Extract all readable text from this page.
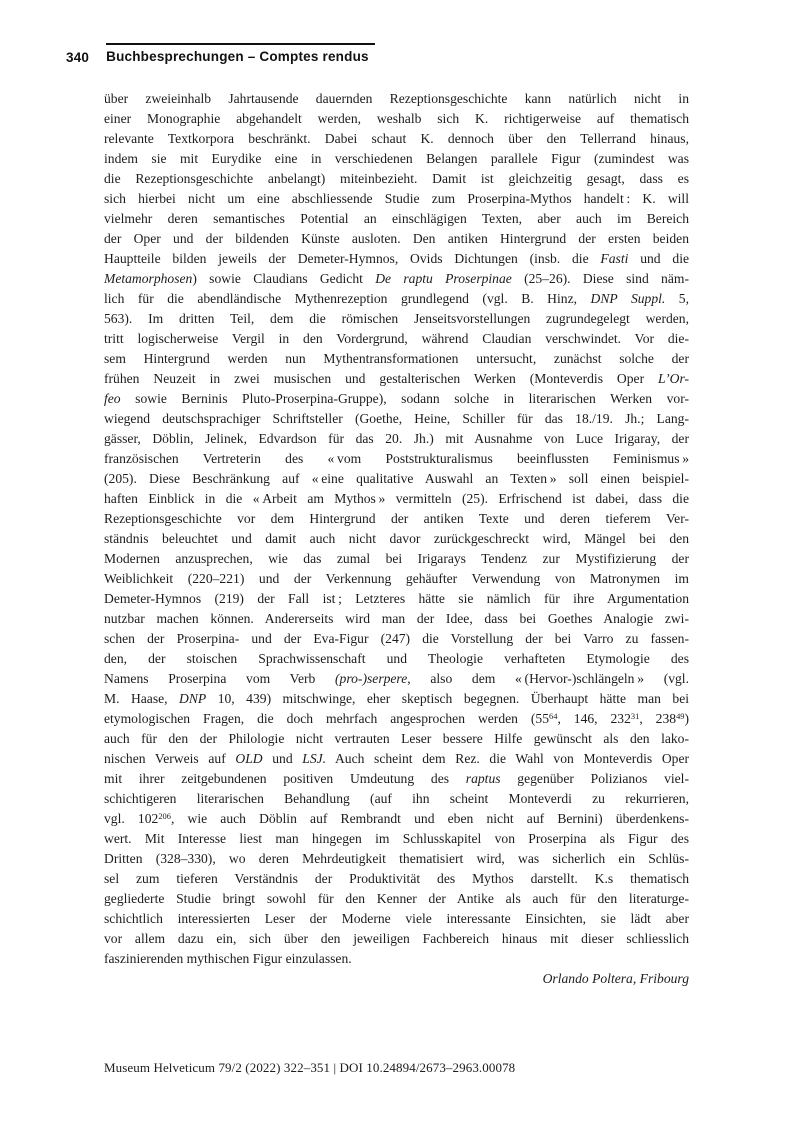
340 Buchbesprechungen – Comptes rendus
über zweieinhalb Jahrtausende dauernden Rezeptionsgeschichte kann natürlich nicht in
einer Monographie abgehandelt werden, weshalb sich K. richtigerweise auf thematisch
relevante Textkorpora beschränkt. Dabei schaut K. dennoch über den Tellerrand hinaus,
indem sie mit Eurydike eine in verschiedenen Belangen parallele Figur (zumindest was
die Rezeptionsgeschichte anbelangt) miteinbezieht. Damit ist gleichzeitig gesagt, dass es
sich hierbei nicht um eine abschliessende Studie zum Proserpina-Mythos handelt : K. will
vielmehr deren semantisches Potential an einschlägigen Texten, aber auch im Bereich
der Oper und der bildenden Künste ausloten. Den antiken Hintergrund der ersten beiden
Hauptteile bilden jeweils der Demeter-Hymnos, Ovids Dichtungen (insb. die Fasti und die
Metamorphosen) sowie Claudians Gedicht De raptu Proserpinae (25–26). Diese sind näm-
lich für die abendländische Mythenrezeption grundlegend (vgl. B. Hinz, DNP Suppl. 5,
563). Im dritten Teil, dem die römischen Jenseitsvorstellungen zugrundegelegt werden,
tritt logischerweise Vergil in den Vordergrund, während Claudian verschwindet. Vor die-
sem Hintergrund werden nun Mythentransformationen untersucht, zunächst solche der
frühen Neuzeit in zwei musischen und gestalterischen Werken (Monteverdis Oper L’Or-
feo sowie Berninis Pluto-Proserpina-Gruppe), sodann solche in literarischen Werken vor-
wiegend deutschsprachiger Schriftsteller (Goethe, Heine, Schiller für das 18./19. Jh.; Lang-
gässer, Döblin, Jelinek, Edvardson für das 20. Jh.) mit Ausnahme von Luce Irigaray, der
französischen Vertreterin des « vom Poststrukturalismus beeinflussten Feminismus »
(205). Diese Beschränkung auf « eine qualitative Auswahl an Texten » soll einen beispiel-
haften Einblick in die « Arbeit am Mythos » vermitteln (25). Erfrischend ist dabei, dass die
Rezeptionsgeschichte vor dem Hintergrund der antiken Texte und deren tieferem Ver-
ständnis beleuchtet und damit auch nicht davor zurückgeschreckt wird, Mängel bei den
Modernen anzusprechen, wie das zumal bei Irigarays Tendenz zur Mystifizierung der
Weiblichkeit (220–221) und der Verkennung gehäufter Verwendung von Matronymen im
Demeter-Hymnos (219) der Fall ist ; Letzteres hätte sie nämlich für ihre Argumentation
nutzbar machen können. Andererseits wird man der Idee, dass bei Goethes Analogie zwi-
schen der Proserpina- und der Eva-Figur (247) die Vorstellung der bei Varro zu fassen-
den, der stoischen Sprachwissenschaft und Theologie verhafteten Etymologie des
Namens Proserpina vom Verb (pro-)serpere, also dem « (Hervor-)schlängeln » (vgl.
M. Haase, DNP 10, 439) mitschwinge, eher skeptisch begegnen. Überhaupt hätte man bei
etymologischen Fragen, die doch mehrfach angesprochen werden ($55^{64}$, 146, $232^{31}$, $238^{49}$)
auch für den der Philologie nicht vertrauten Leser bessere Hilfe gewünscht als den lako-
nischen Verweis auf OLD und LSJ. Auch scheint dem Rez. die Wahl von Monteverdis Oper
mit ihrer zeitgebundenen positiven Umdeutung des raptus gegenüber Polizianos viel-
schichtigeren literarischen Behandlung (auf ihn scheint Monteverdi zu rekurrieren,
vgl. $102^{206}$, wie auch Döblin auf Rembrandt und eben nicht auf Bernini) überdenkens-
wert. Mit Interesse liest man hingegen im Schlusskapitel von Proserpina als Figur des
Dritten (328–330), wo deren Mehrdeutigkeit thematisiert wird, was sicherlich ein Schlüs-
sel zum tieferen Verständnis der Produktivität des Mythos darstellt. K.s thematisch
gegliederte Studie bringt sowohl für den Kenner der Antike als auch für den literaturge-
schichtlich interessierten Leser der Moderne viele interessante Einsichten, sie lädt aber
vor allem dazu ein, sich über den jeweiligen Fachbereich hinaus mit dieser schliesslich
faszinierenden mythischen Figur einzulassen.
Orlando Poltera, Fribourg
Museum Helveticum 79/2 (2022) 322–351 | DOI 10.24894/2673–2963.00078
